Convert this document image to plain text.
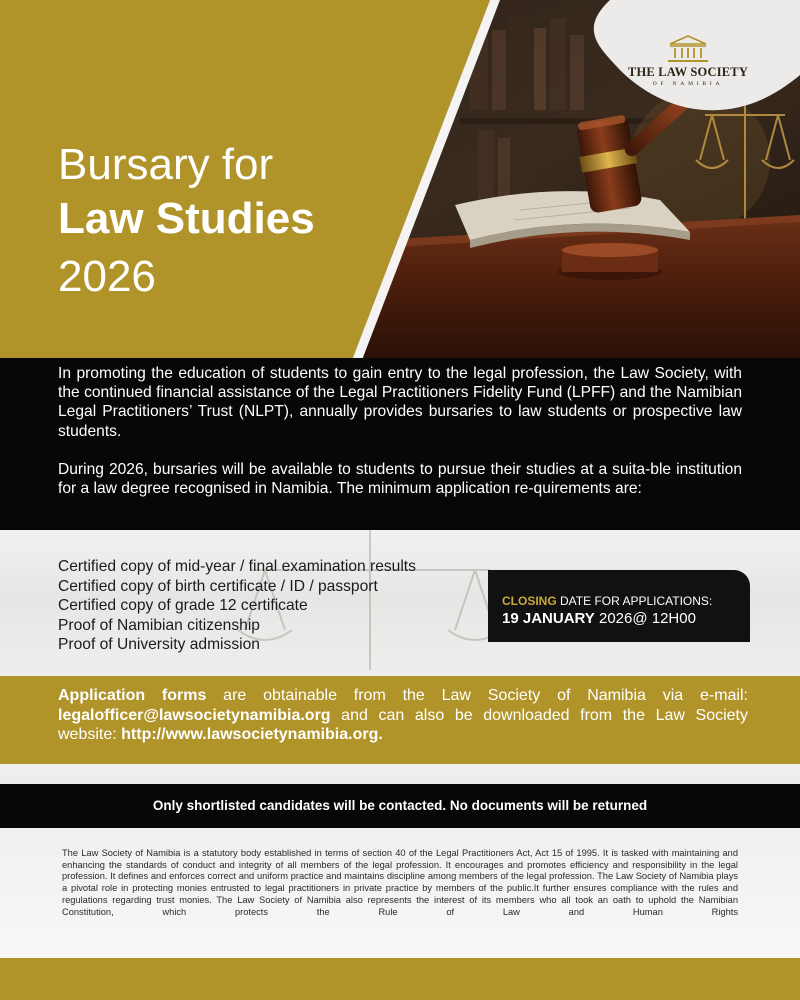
THE LAW SOCIETY
OF NAMIBIA
Bursary for
Law Studies
2026

In promoting the education of students to gain entry to the legal profession, the Law Society, with the continued financial assistance of the Legal Practitioners Fidelity Fund (LPFF) and the Namibian Legal Practitioners’ Trust (NLPT), annually provides bursaries to law students or prospective law students.

During 2026, bursaries will be available to students to pursue their studies at a suita-ble institution for a law degree recognised in Namibia. The minimum application re-quirements are:

Certified copy of mid-year / final examination results
Certified copy of birth certificate / ID / passport
Certified copy of grade 12 certificate
Proof of Namibian citizenship
Proof of University admission
CLOSING DATE FOR APPLICATIONS:
19 JANUARY 2026@ 12H00

Application forms are obtainable from the Law Society of Namibia via e-mail: legalofficer@lawsocietynamibia.org and can also be downloaded from the Law Society website: http://www.lawsocietynamibia.org.

Only shortlisted candidates will be contacted. No documents will be returned

The Law Society of Namibia is a statutory body established in terms of section 40 of the Legal Practitioners Act, Act 15 of 1995. It is tasked with maintaining and enhancing the standards of conduct and integrity of all members of the legal profession. It encourages and promotes efficiency and responsibility in the legal profession. It defines and enforces correct and uniform practice and maintains discipline among members of the legal profession. The Law Society of Namibia plays a pivotal role in protecting monies entrusted to legal practitioners in private practice by members of the public.It further ensures compliance with the rules and regulations regarding trust monies. The Law Society of Namibia also represents the interest of its members who all took an oath to uphold the Namibian Constitution, which protects the Rule of Law and Human Rights
